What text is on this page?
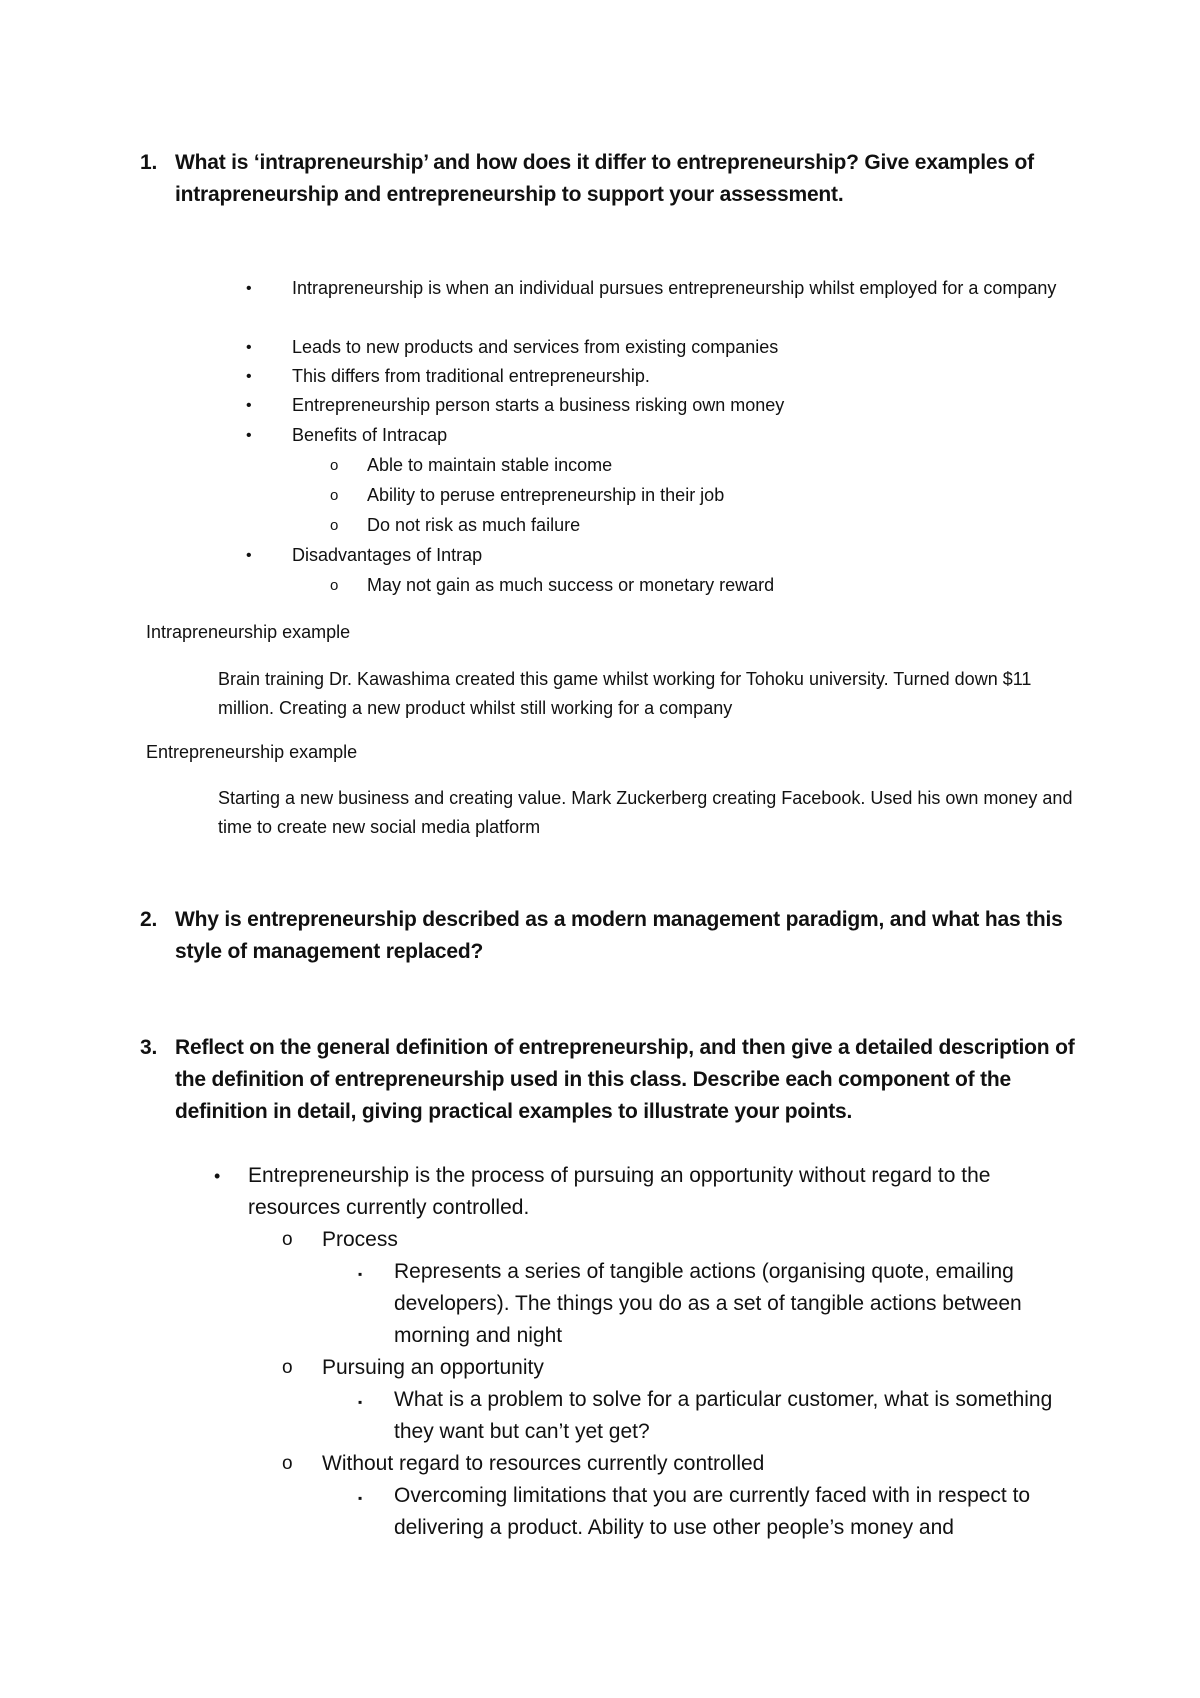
1. What is ‘intrapreneurship’ and how does it differ to entrepreneurship? Give examples of intrapreneurship and entrepreneurship to support your assessment.
• Intrapreneurship is when an individual pursues entrepreneurship whilst employed for a company
• Leads to new products and services from existing companies
• This differs from traditional entrepreneurship.
• Entrepreneurship person starts a business risking own money
• Benefits of Intracap
o Able to maintain stable income
o Ability to peruse entrepreneurship in their job
o Do not risk as much failure
• Disadvantages of Intrap
o May not gain as much success or monetary reward
Intrapreneurship example
Brain training Dr. Kawashima created this game whilst working for Tohoku university. Turned down $11 million. Creating a new product whilst still working for a company
Entrepreneurship example
Starting a new business and creating value. Mark Zuckerberg creating Facebook. Used his own money and time to create new social media platform
2. Why is entrepreneurship described as a modern management paradigm, and what has this style of management replaced?
3. Reflect on the general definition of entrepreneurship, and then give a detailed description of the definition of entrepreneurship used in this class. Describe each component of the definition in detail, giving practical examples to illustrate your points.
• Entrepreneurship is the process of pursuing an opportunity without regard to the resources currently controlled.
o Process
▪ Represents a series of tangible actions (organising quote, emailing developers). The things you do as a set of tangible actions between morning and night
o Pursuing an opportunity
▪ What is a problem to solve for a particular customer, what is something they want but can’t yet get?
o Without regard to resources currently controlled
▪ Overcoming limitations that you are currently faced with in respect to delivering a product. Ability to use other people’s money and
